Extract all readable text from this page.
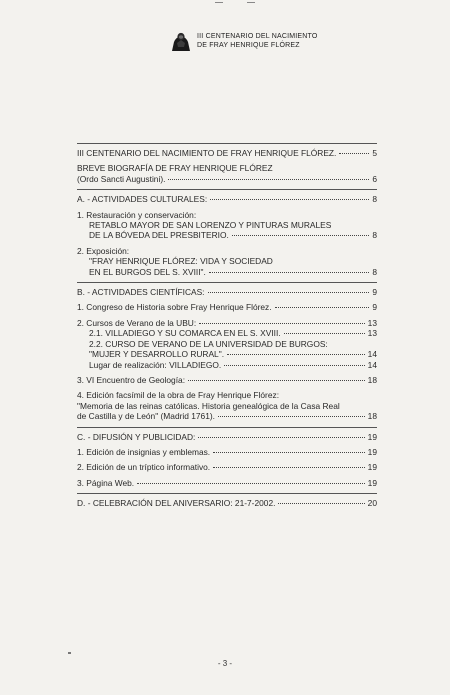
III CENTENARIO DEL NACIMIENTO
DE FRAY HENRIQUE FLÓREZ
III CENTENARIO DEL NACIMIENTO DE FRAY HENRIQUE FLÓREZ.	5
BREVE BIOGRAFÍA DE FRAY HENRIQUE FLÓREZ
(Ordo Sancti Augustini).	6
A. - ACTIVIDADES CULTURALES:	8
1. Restauración y conservación:
RETABLO MAYOR DE SAN LORENZO Y PINTURAS MURALES
DE LA BÓVEDA DEL PRESBITERIO.	8
2. Exposición:
"FRAY HENRIQUE FLÓREZ: VIDA Y SOCIEDAD
EN EL BURGOS DEL S. XVIII".	8
B. - ACTIVIDADES CIENTÍFICAS:	9
1. Congreso de Historia sobre Fray Henrique Flórez.	9
2. Cursos de Verano de la UBU:	13
2.1. VILLADIEGO Y SU COMARCA EN EL S. XVIII.	13
2.2. CURSO DE VERANO DE LA UNIVERSIDAD DE BURGOS:
"MUJER Y DESARROLLO RURAL".	14
Lugar de realización: VILLADIEGO.	14
3. VI Encuentro de Geología:	18
4. Edición facsímil de la obra de Fray Henrique Flórez:
"Memoria de las reinas católicas. Historia genealógica de la Casa Real
de Castilla y de León" (Madrid 1761).	18
C. - DIFUSIÓN Y PUBLICIDAD:	19
1. Edición de insignias y emblemas.	19
2. Edición de un tríptico informativo.	19
3. Página Web.	19
D. - CELEBRACIÓN DEL ANIVERSARIO: 21-7-2002.	20
- 3 -
